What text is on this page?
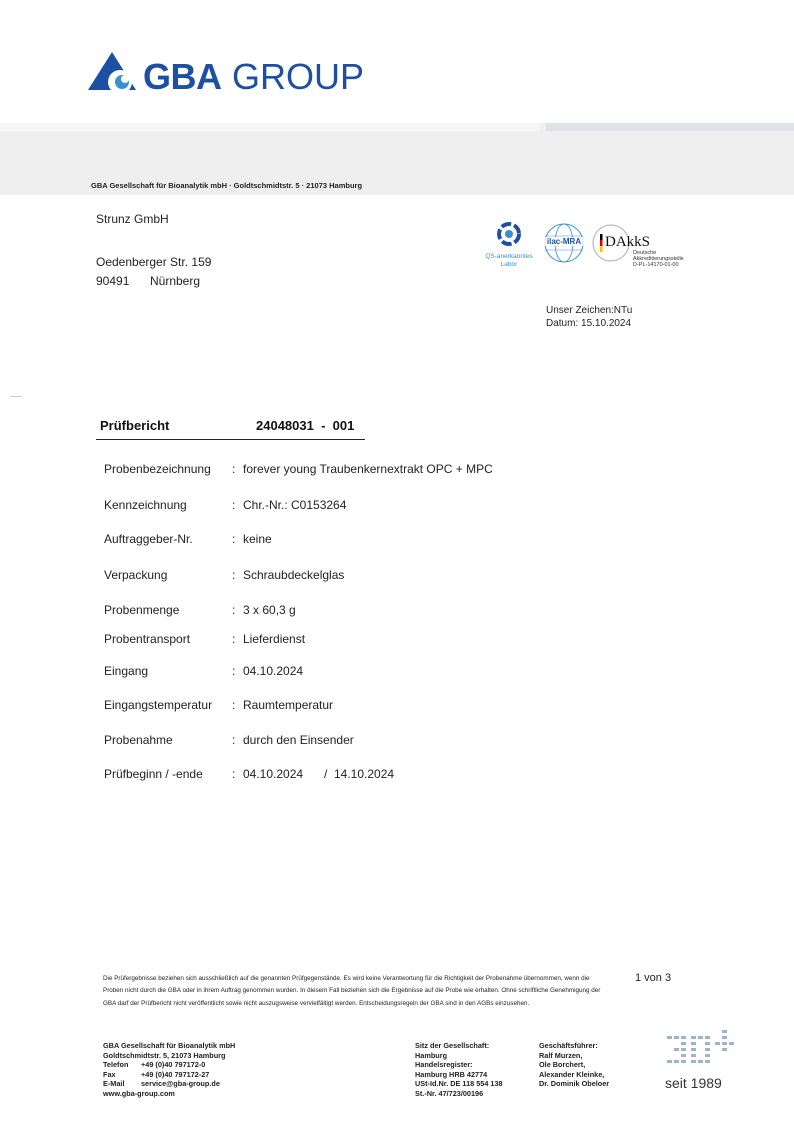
GBA GROUP
GBA Gesellschaft für Bioanalytik mbH · Goldtschmidtstr. 5 · 21073 Hamburg
Strunz GmbH
Oedenberger Str. 159
90491 Nürnberg
QS-anerkanntes
Labor
ilac-MRA DAkkS
Deutsche
Akkreditierungsstelle
D-PL-14170-01-00
Unser Zeichen:NTu
Datum: 15.10.2024
Prüfbericht	24048031  -  001
Probenbezeichnung : forever young Traubenkernextrakt OPC + MPC
Kennzeichnung	: Chr.-Nr.: C0153264
Auftraggeber-Nr.	: keine
Verpackung	: Schraubdeckelglas
Probenmenge	: 3 x 60,3 g
Probentransport	: Lieferdienst
Eingang	: 04.10.2024
Eingangstemperatur : Raumtemperatur
Probenahme	: durch den Einsender
Prüfbeginn / -ende : 04.10.2024 /  14.10.2024
Die Prüfergebnisse beziehen sich ausschließlich auf die genannten Prüfgegenstände. Es wird keine Verantwortung für die Richtigkeit der Probenahme übernommen, wenn die Proben nicht durch die GBA oder in ihrem Auftrag genommen wurden. In diesem Fall beziehen sich die Ergebnisse auf die Probe wie erhalten. Ohne schriftliche Genehmigung der GBA darf der Prüfbericht nicht veröffentlicht sowie nicht auszugsweise vervielfältigt werden. Entscheidungsregeln der GBA sind in den AGBs einzusehen.
1 von 3
GBA Gesellschaft für Bioanalytik mbH
Goldtschmidtstr. 5, 21073 Hamburg
Telefon	+49 (0)40 797172-0
Fax	+49 (0)40 797172-27
E-Mail	service@gba-group.de
www.gba-group.com
Sitz der Gesellschaft:
Hamburg
Handelsregister:
Hamburg HRB 42774
USt-Id.Nr. DE 118 554 138
St.-Nr. 47/723/00196
Geschäftsführer:
Ralf Murzen,
Ole Borchert,
Alexander Kleinke,
Dr. Dominik Obeloer	seit 1989
